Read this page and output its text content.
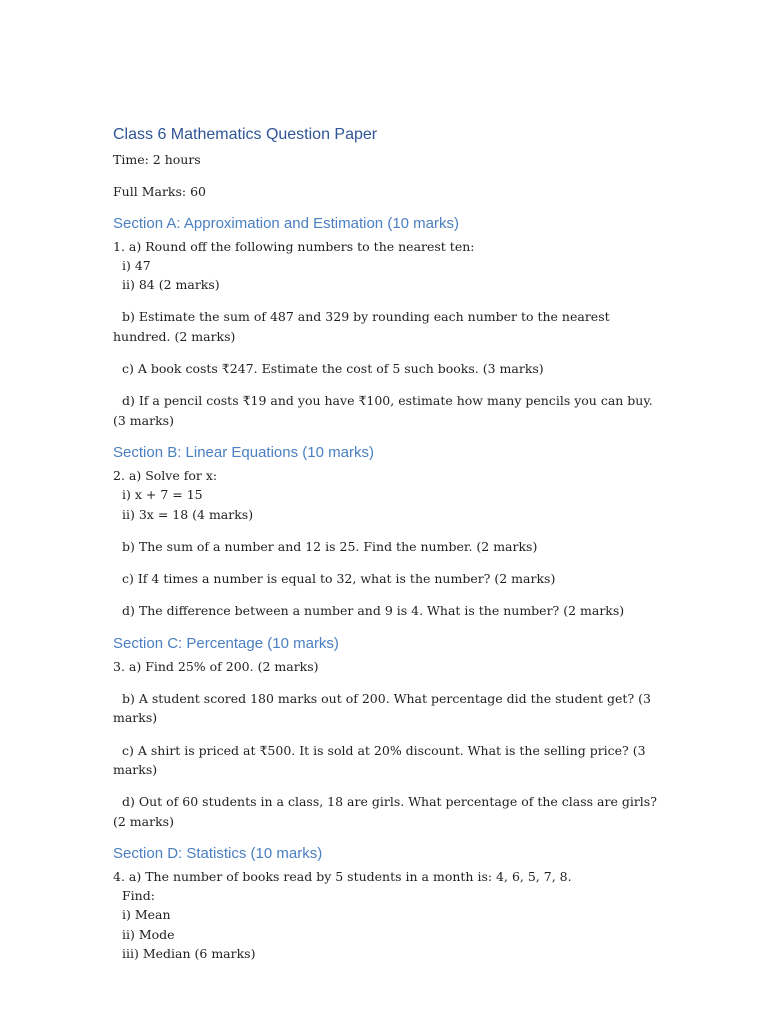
Class 6 Mathematics Question Paper

Time: 2 hours

Full Marks: 60

Section A: Approximation and Estimation (10 marks)

1. a) Round off the following numbers to the nearest ten:

i) 47

ii) 84 (2 marks)

b) Estimate the sum of 487 and 329 by rounding each number to the nearest hundred. (2 marks)

c) A book costs ₹247. Estimate the cost of 5 such books. (3 marks)

d) If a pencil costs ₹19 and you have ₹100, estimate how many pencils you can buy. (3 marks)

Section B: Linear Equations (10 marks)

2. a) Solve for x:

i) x + 7 = 15

ii) 3x = 18 (4 marks)

b) The sum of a number and 12 is 25. Find the number. (2 marks)

c) If 4 times a number is equal to 32, what is the number? (2 marks)

d) The difference between a number and 9 is 4. What is the number? (2 marks)

Section C: Percentage (10 marks)

3. a) Find 25% of 200. (2 marks)

b) A student scored 180 marks out of 200. What percentage did the student get? (3 marks)

c) A shirt is priced at ₹500. It is sold at 20% discount. What is the selling price? (3 marks)

d) Out of 60 students in a class, 18 are girls. What percentage of the class are girls? (2 marks)

Section D: Statistics (10 marks)

4. a) The number of books read by 5 students in a month is: 4, 6, 5, 7, 8.

Find:

i) Mean

ii) Mode

iii) Median (6 marks)
